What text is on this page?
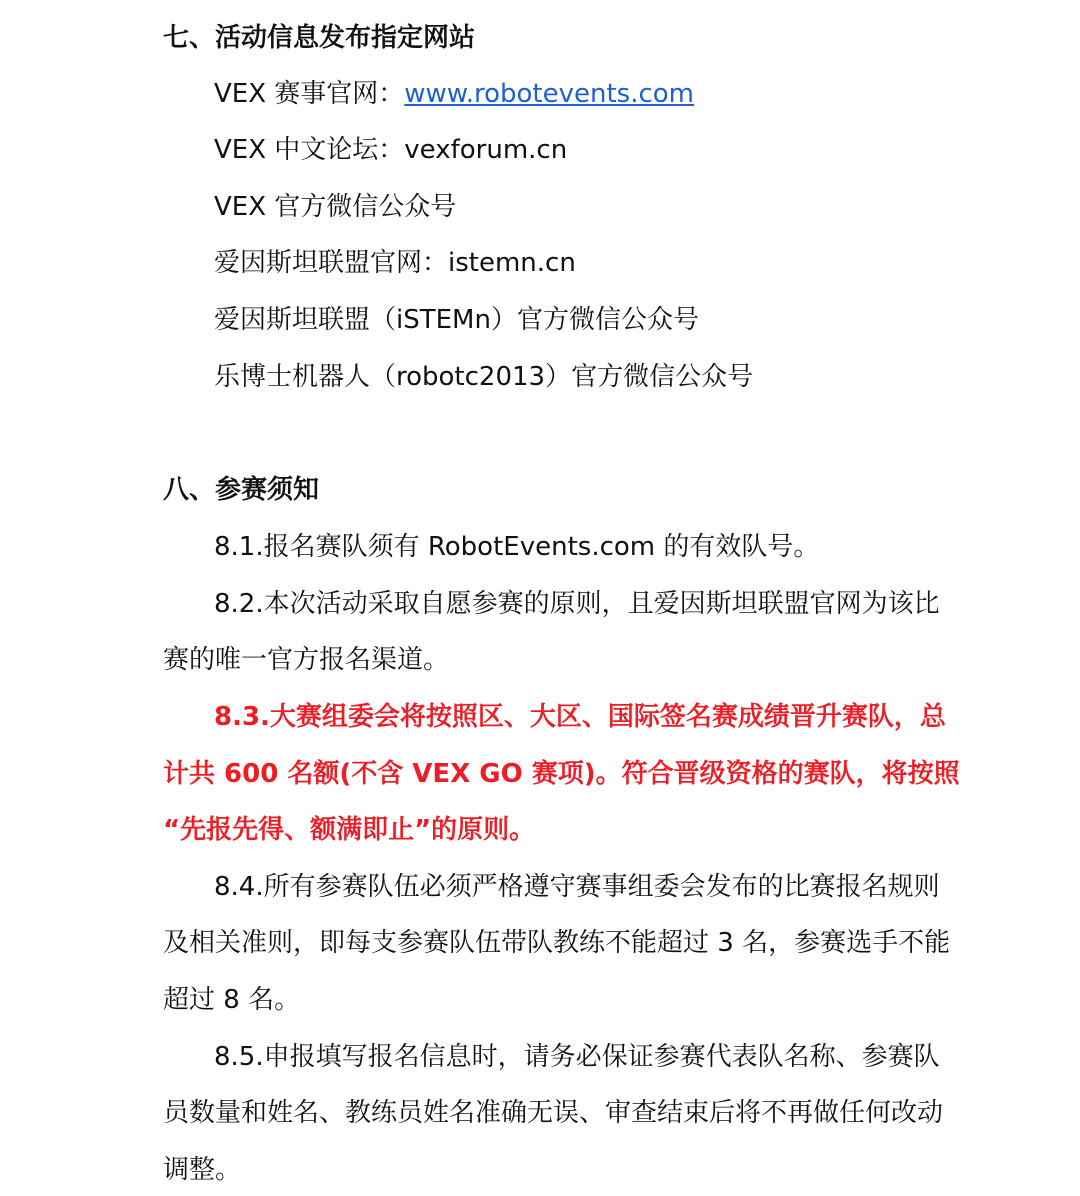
七、活动信息发布指定网站
VEX 赛事官网：www.robotevents.com
VEX 中文论坛：vexforum.cn
VEX 官方微信公众号
爱因斯坦联盟官网：istemn.cn
爱因斯坦联盟（iSTEMn）官方微信公众号
乐博士机器人（robotc2013）官方微信公众号
八、参赛须知
8.1.报名赛队须有 RobotEvents.com 的有效队号。
8.2.本次活动采取自愿参赛的原则，且爱因斯坦联盟官网为该比
赛的唯一官方报名渠道。
8.3.大赛组委会将按照区、大区、国际签名赛成绩晋升赛队，总
计共 600 名额(不含 VEX GO 赛项)。符合晋级资格的赛队，将按照
“先报先得、额满即止”的原则。
8.4.所有参赛队伍必须严格遵守赛事组委会发布的比赛报名规则
及相关准则，即每支参赛队伍带队教练不能超过 3 名，参赛选手不能
超过 8 名。
8.5.申报填写报名信息时，请务必保证参赛代表队名称、参赛队
员数量和姓名、教练员姓名准确无误、审查结束后将不再做任何改动
调整。
